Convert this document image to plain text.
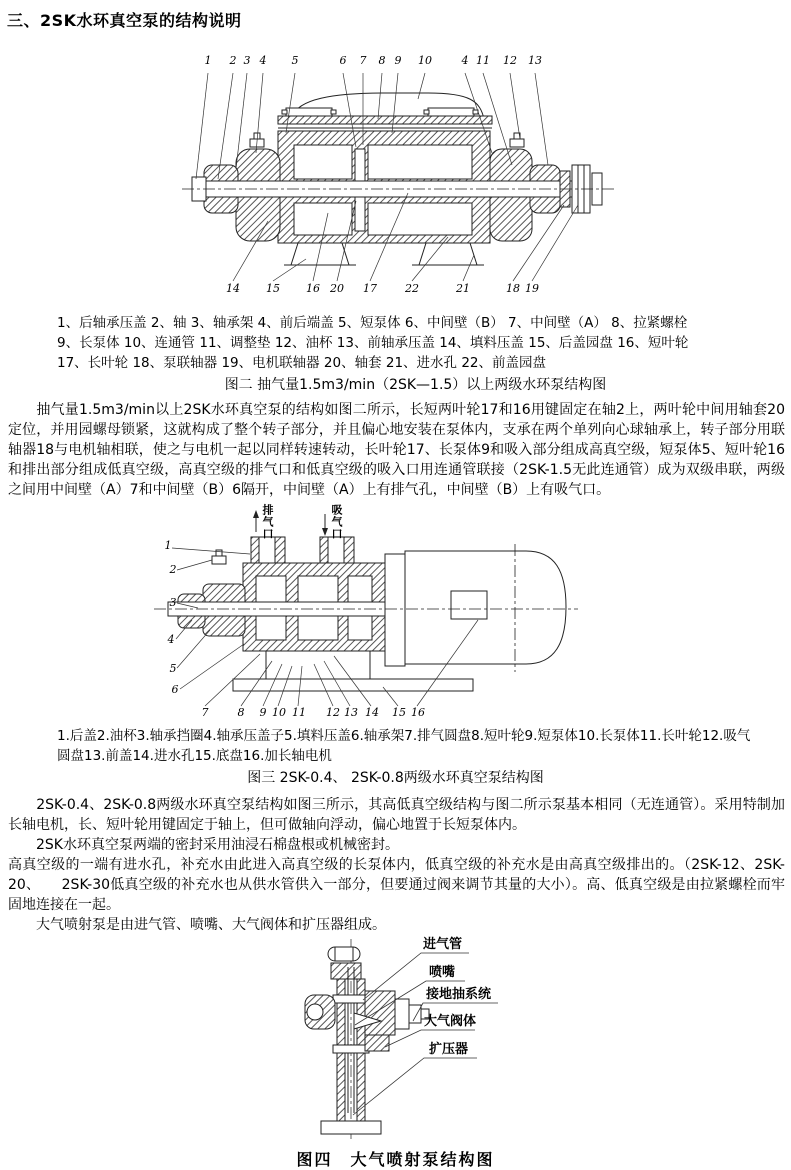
三、2SK水环真空泵的结构说明
1 2 3 4 5	6 7 8 9 10	4 11 12 13
14 15 16 20 17	22	21	18 19
1、后轴承压盖 2、轴 3、轴承架 4、前后端盖 5、短泵体 6、中间壁（B） 7、中间壁（A） 8、拉紧螺栓
9、长泵体 10、连通管 11、调整垫 12、油杯 13、前轴承压盖 14、填料压盖 15、后盖园盘 16、短叶轮
17、长叶轮 18、泵联轴器 19、电机联轴器 20、轴套 21、进水孔 22、前盖园盘
图二 抽气量1.5m3/min（2SK—1.5）以上两级水环泵结构图

　　抽气量1.5m3/min以上2SK水环真空泵的结构如图二所示，长短两叶轮17和16用键固定在轴2上，两叶轮中间用轴套20定位，并用园螺母锁紧，这就构成了整个转子部分，并且偏心地安装在泵体内，支承在两个单列向心球轴承上，转子部分用联轴器18与电机轴相联，使之与电机一起以同样转速转动，长叶轮17、长泵体9和吸入部分组成高真空级，短泵体5、短叶轮16和排出部分组成低真空级，高真空级的排气口和低真空级的吸入口用连通管联接（2SK-1.5无此连通管）成为双级串联，两级之间用中间壁（A）7和中间壁（B）6隔开，中间壁（A）上有排气孔，中间壁（B）上有吸气口。

排气口	吸气口
1
2
3
4
5
6
7	8 9 10 11 12 13 14 15 16
1.后盖2.油杯3.轴承挡圈4.轴承压盖子5.填料压盖6.轴承架7.排气圆盘8.短叶轮9.短泵体10.长泵体11.长叶轮12.吸气圆盘13.前盖14.进水孔15.底盘16.加长轴电机
图三 2SK-0.4、 2SK-0.8两级水环真空泵结构图

　　2SK-0.4、2SK-0.8两级水环真空泵结构如图三所示，其高低真空级结构与图二所示泵基本相同（无连通管）。采用特制加长轴电机，长、短叶轮用键固定于轴上，但可做轴向浮动，偏心地置于长短泵体内。

　　2SK水环真空泵两端的密封采用油浸石棉盘根或机械密封。

高真空级的一端有进水孔，补充水由此进入高真空级的长泵体内，低真空级的补充水是由高真空级排出的。（2SK-12、2SK-20、　　2SK-30低真空级的补充水也从供水管供入一部分，但要通过阀来调节其量的大小）。高、低真空级是由拉紧螺栓而牢固地连接在一起。

　　大气喷射泵是由进气管、喷嘴、大气阀体和扩压器组成。

进气管
喷嘴
接地抽系统
大气阀体
扩压器
图四　大气喷射泵结构图
